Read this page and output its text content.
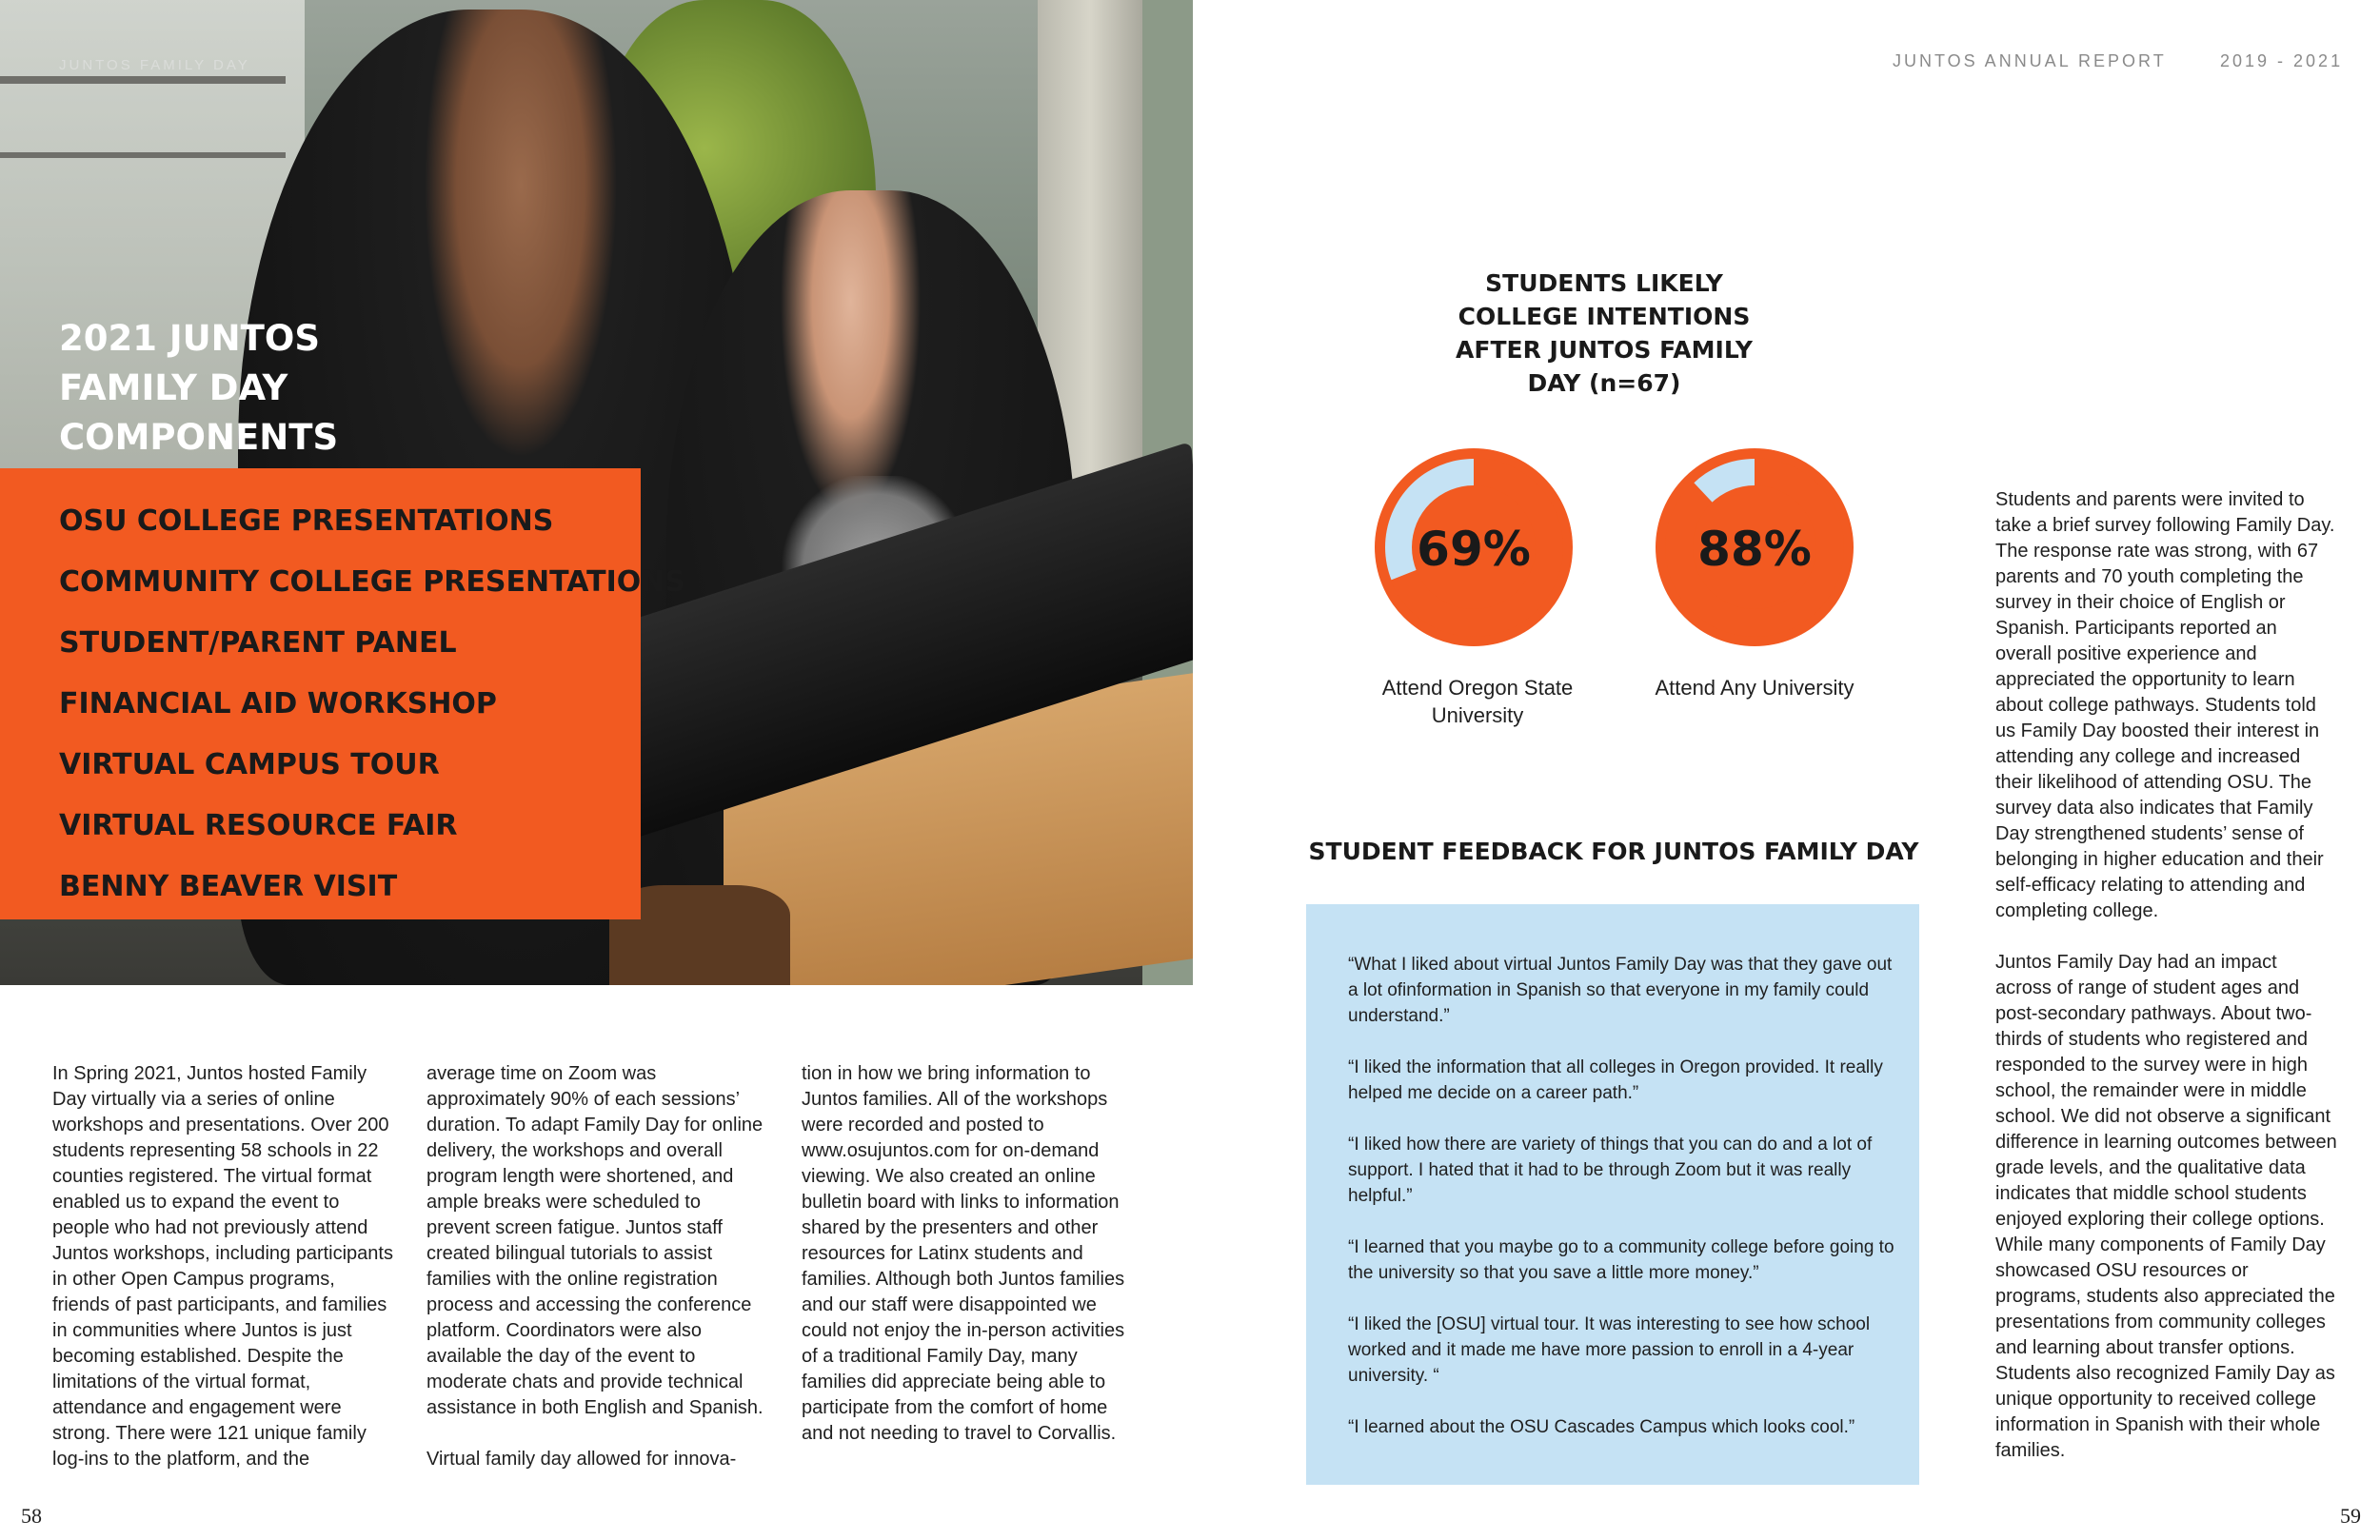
JUNTOS FAMILY DAY
2021 JUNTOS FAMILY DAY COMPONENTS
OSU COLLEGE PRESENTATIONS
COMMUNITY COLLEGE PRESENTATIONS
STUDENT/PARENT PANEL
FINANCIAL AID WORKSHOP
VIRTUAL CAMPUS TOUR
VIRTUAL RESOURCE FAIR
BENNY BEAVER VISIT

In Spring 2021, Juntos hosted Family Day virtually via a series of online workshops and presentations. Over 200 students representing 58 schools in 22 counties registered. The virtual format enabled us to expand the event to people who had not previously attend Juntos workshops, including participants in other Open Campus programs, friends of past participants, and families in communities where Juntos is just becoming established. Despite the limitations of the virtual format, attendance and engagement were strong. There were 121 unique family log-ins to the platform, and the

average time on Zoom was approximately 90% of each sessions’ duration. To adapt Family Day for online delivery, the workshops and overall program length were shortened, and ample breaks were scheduled to prevent screen fatigue. Juntos staff created bilingual tutorials to assist families with the online registration process and accessing the conference platform. Coordinators were also available the day of the event to moderate chats and provide technical assistance in both English and Spanish.

Virtual family day allowed for innova-

tion in how we bring information to Juntos families. All of the workshops were recorded and posted to www.osujuntos.com for on-demand viewing. We also created an online bulletin board with links to information shared by the presenters and other resources for Latinx students and families. Although both Juntos families and our staff were disappointed we could not enjoy the in-person activities of a traditional Family Day, many families did appreciate being able to participate from the comfort of home and not needing to travel to Corvallis.

58
JUNTOS ANNUAL REPORT	2019 - 2021
STUDENTS LIKELY COLLEGE INTENTIONS AFTER JUNTOS FAMILY DAY (n=67)
69%
Attend Oregon State University
88%
Attend Any University
STUDENT FEEDBACK FOR JUNTOS FAMILY DAY

“What I liked about virtual Juntos Family Day was that they gave out a lot ofinformation in Spanish so that everyone in my family could understand.”

“I liked the information that all colleges in Oregon provided. It really helped me decide on a career path.”

“I liked how there are variety of things that you can do and a lot of support. I hated that it had to be through Zoom but it was really helpful.”

“I learned that you maybe go to a community college before going to the university so that you save a little more money.”

“I liked the [OSU] virtual tour. It was interesting to see how school worked and it made me have more passion to enroll in a 4-year university. “

“I learned about the OSU Cascades Campus which looks cool.”

Students and parents were invited to take a brief survey following Family Day. The response rate was strong, with 67 parents and 70 youth completing the survey in their choice of English or Spanish. Participants reported an overall positive experience and appreciated the opportunity to learn about college pathways. Students told us Family Day boosted their interest in attending any college and increased their likelihood of attending OSU. The survey data also indicates that Family Day strengthened students’ sense of belonging in higher education and their self-efficacy relating to attending and completing college.

Juntos Family Day had an impact across of range of student ages and post-secondary pathways. About two-thirds of students who registered and responded to the survey were in high school, the remainder were in middle school. We did not observe a significant difference in learning outcomes between grade levels, and the qualitative data indicates that middle school students enjoyed exploring their college options. While many components of Family Day showcased OSU resources or programs, students also appreciated the presentations from community colleges and learning about transfer options. Students also recognized Family Day as unique opportunity to received college information in Spanish with their whole families.

59
